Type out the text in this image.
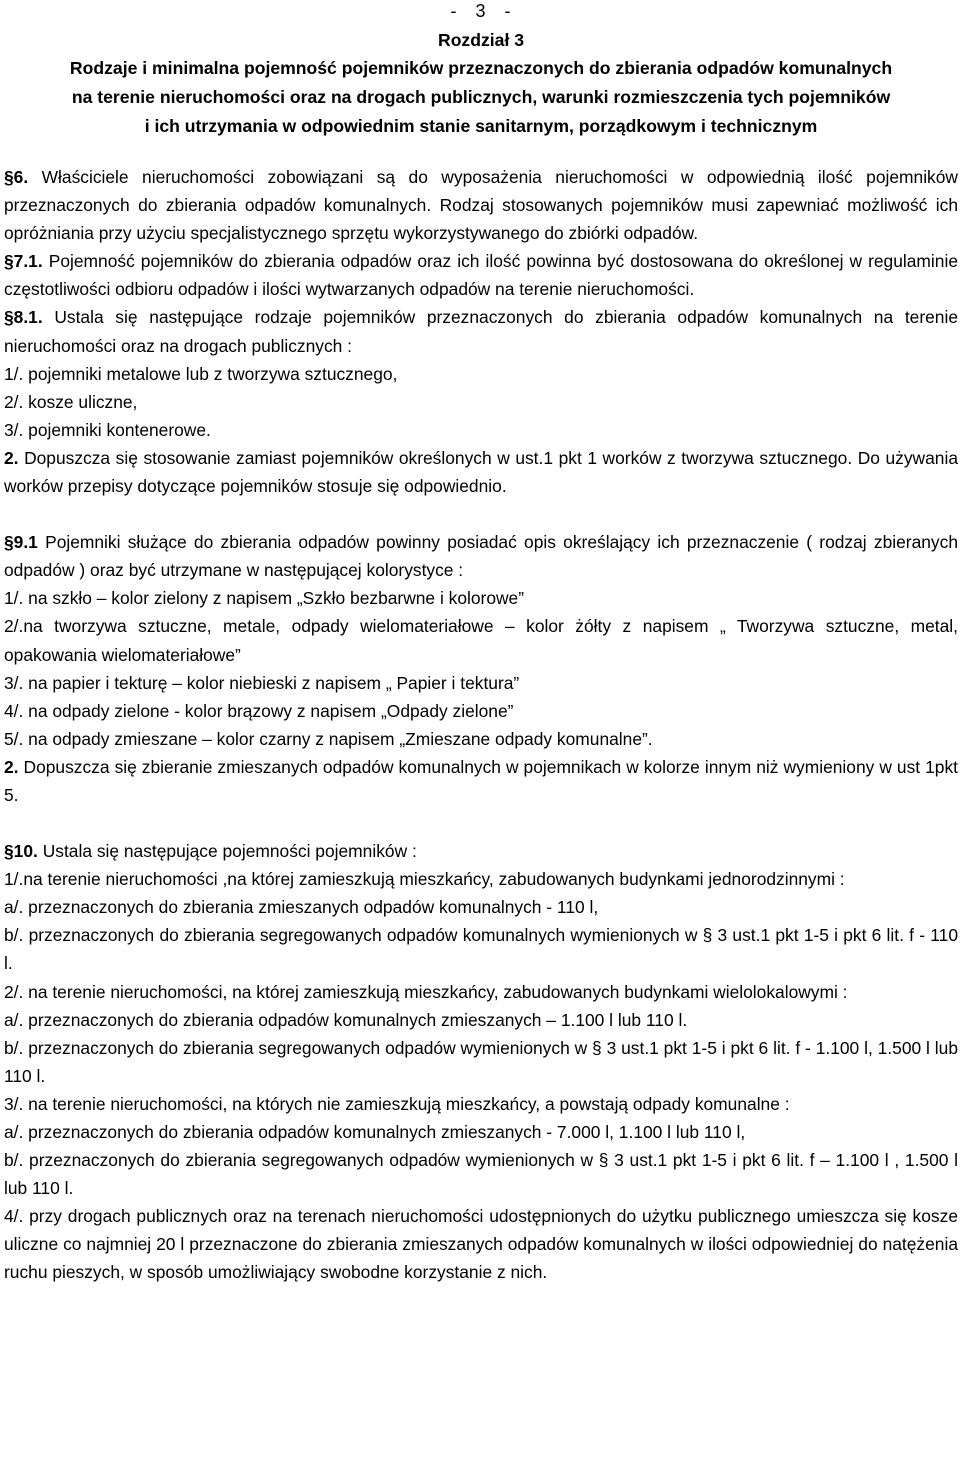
-   3   -
Rozdział 3
Rodzaje i minimalna pojemność pojemników przeznaczonych do zbierania odpadów komunalnych
na terenie nieruchomości oraz na drogach publicznych, warunki rozmieszczenia tych pojemników
i ich utrzymania w odpowiednim stanie sanitarnym, porządkowym i technicznym

§6. Właściciele nieruchomości zobowiązani są do wyposażenia nieruchomości w odpowiednią ilość pojemników przeznaczonych do zbierania odpadów komunalnych. Rodzaj stosowanych pojemników musi zapewniać możliwość ich opróżniania przy użyciu specjalistycznego sprzętu wykorzystywanego do zbiórki odpadów.

§7.1. Pojemność pojemników do zbierania odpadów oraz ich ilość powinna być dostosowana do określonej w regulaminie częstotliwości odbioru odpadów i ilości wytwarzanych odpadów na terenie nieruchomości.

§8.1. Ustala się następujące rodzaje pojemników przeznaczonych do zbierania odpadów komunalnych na terenie nieruchomości oraz na drogach publicznych :

1/. pojemniki metalowe lub z tworzywa sztucznego,
2/. kosze uliczne,
3/. pojemniki kontenerowe.

2. Dopuszcza się stosowanie zamiast pojemników określonych w ust.1 pkt 1 worków z tworzywa sztucznego. Do używania worków przepisy dotyczące pojemników stosuje się odpowiednio.

§9.1 Pojemniki służące do zbierania odpadów powinny posiadać opis określający ich przeznaczenie ( rodzaj zbieranych odpadów ) oraz być utrzymane w następującej kolorystyce :

1/. na szkło – kolor zielony z napisem „Szkło bezbarwne i kolorowe”

2/.na tworzywa sztuczne, metale, odpady wielomateriałowe – kolor żółty z napisem „ Tworzywa sztuczne, metal, opakowania wielomateriałowe”

3/. na papier i tekturę – kolor niebieski z napisem „ Papier i tektura”
4/. na odpady zielone - kolor brązowy z napisem „Odpady zielone”
5/. na odpady zmieszane – kolor czarny z napisem „Zmieszane odpady komunalne”.

2. Dopuszcza się zbieranie zmieszanych odpadów komunalnych w pojemnikach w kolorze innym niż wymieniony w ust 1pkt 5.

§10. Ustala się następujące pojemności pojemników :

1/.na terenie nieruchomości ,na której zamieszkują mieszkańcy, zabudowanych budynkami jednorodzinnymi :

a/. przeznaczonych do zbierania zmieszanych odpadów komunalnych - 110 l,

b/. przeznaczonych do zbierania segregowanych odpadów komunalnych wymienionych w § 3 ust.1 pkt 1-5 i pkt 6 lit. f - 110 l.

2/. na terenie nieruchomości, na której zamieszkują mieszkańcy, zabudowanych budynkami wielolokalowymi :

a/. przeznaczonych do zbierania odpadów komunalnych zmieszanych – 1.100 l lub 110 l.

b/. przeznaczonych do zbierania segregowanych odpadów wymienionych w § 3 ust.1 pkt 1-5 i pkt 6 lit. f - 1.100 l, 1.500 l lub 110 l.

3/. na terenie nieruchomości, na których nie zamieszkują mieszkańcy, a powstają odpady komunalne :

a/. przeznaczonych do zbierania odpadów komunalnych zmieszanych - 7.000 l, 1.100 l lub 110 l,

b/. przeznaczonych do zbierania segregowanych odpadów wymienionych w § 3 ust.1 pkt 1-5 i pkt 6 lit. f – 1.100 l , 1.500 l lub 110 l.

4/. przy drogach publicznych oraz na terenach nieruchomości udostępnionych do użytku publicznego umieszcza się kosze uliczne co najmniej 20 l przeznaczone do zbierania zmieszanych odpadów komunalnych w ilości odpowiedniej do natężenia ruchu pieszych, w sposób umożliwiający swobodne korzystanie z nich.
